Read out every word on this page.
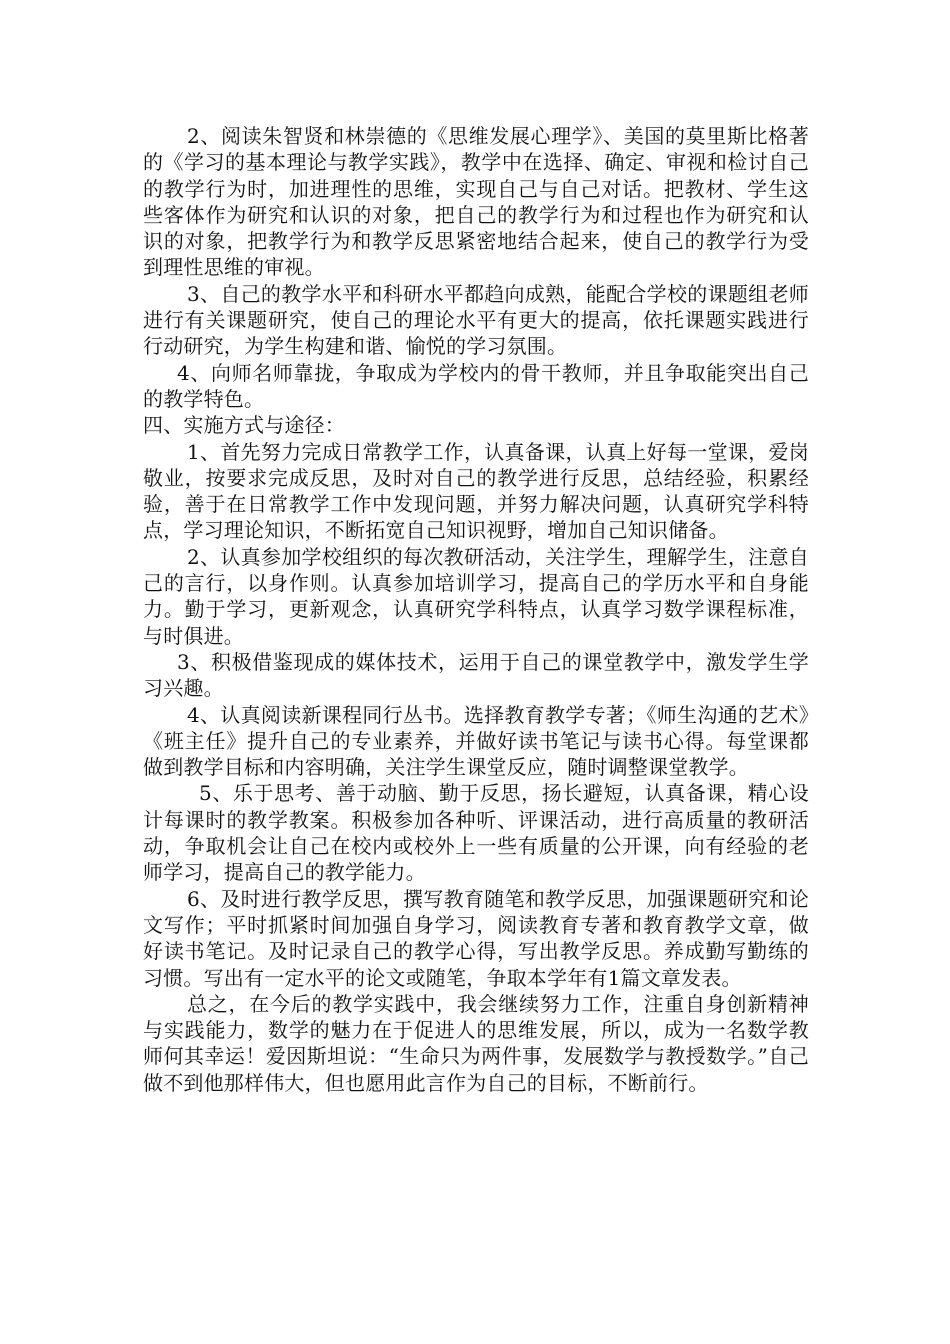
2、阅读朱智贤和林崇德的《思维发展心理学》、美国的莫里斯比格著的《学习的基本理论与教学实践》，教学中在选择、确定、审视和检讨自己的教学行为时，加进理性的思维，实现自己与自己对话。把教材、学生这些客体作为研究和认识的对象，把自己的教学行为和过程也作为研究和认识的对象，把教学行为和教学反思紧密地结合起来，使自己的教学行为受到理性思维的审视。

3、自己的教学水平和科研水平都趋向成熟，能配合学校的课题组老师进行有关课题研究，使自己的理论水平有更大的提高，依托课题实践进行行动研究，为学生构建和谐、愉悦的学习氛围。

4、向师名师靠拢，争取成为学校内的骨干教师，并且争取能突出自己的教学特色。

四、实施方式与途径：

1、首先努力完成日常教学工作，认真备课，认真上好每一堂课，爱岗敬业，按要求完成反思，及时对自己的教学进行反思，总结经验，积累经验，善于在日常教学工作中发现问题，并努力解决问题，认真研究学科特点，学习理论知识，不断拓宽自己知识视野，增加自己知识储备。

2、认真参加学校组织的每次教研活动，关注学生，理解学生，注意自己的言行，以身作则。认真参加培训学习，提高自己的学历水平和自身能力。勤于学习，更新观念，认真研究学科特点，认真学习数学课程标准，与时俱进。

3、积极借鉴现成的媒体技术，运用于自己的课堂教学中，激发学生学习兴趣。

4、认真阅读新课程同行丛书。选择教育教学专著；《师生沟通的艺术》《班主任》提升自己的专业素养，并做好读书笔记与读书心得。每堂课都做到教学目标和内容明确，关注学生课堂反应，随时调整课堂教学。

5、乐于思考、善于动脑、勤于反思，扬长避短，认真备课，精心设计每课时的教学教案。积极参加各种听、评课活动，进行高质量的教研活动，争取机会让自己在校内或校外上一些有质量的公开课，向有经验的老师学习，提高自己的教学能力。

6、及时进行教学反思，撰写教育随笔和教学反思，加强课题研究和论文写作；平时抓紧时间加强自身学习，阅读教育专著和教育教学文章，做好读书笔记。及时记录自己的教学心得，写出教学反思。养成勤写勤练的习惯。写出有一定水平的论文或随笔，争取本学年有1篇文章发表。

总之，在今后的教学实践中，我会继续努力工作，注重自身创新精神与实践能力，数学的魅力在于促进人的思维发展，所以，成为一名数学教师何其幸运！爱因斯坦说：“生命只为两件事，发展数学与教授数学。”自己做不到他那样伟大，但也愿用此言作为自己的目标，不断前行。
